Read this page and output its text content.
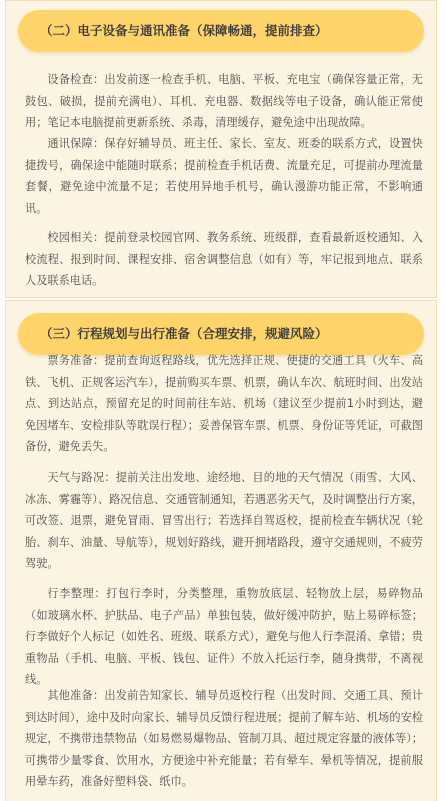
（二）电子设备与通讯准备（保障畅通，提前排查）

设备检查：出发前逐一检查手机、电脑、平板、充电宝（确保容量正常，无鼓包、破损，提前充满电）、耳机、充电器、数据线等电子设备，确认能正常使用；笔记本电脑提前更新系统、杀毒，清理缓存，避免途中出现故障。

通讯保障：保存好辅导员、班主任、家长、室友、班委的联系方式，设置快捷拨号，确保途中能随时联系；提前检查手机话费、流量充足，可提前办理流量套餐，避免途中流量不足；若使用异地手机号，确认漫游功能正常，不影响通讯。

校园相关：提前登录校园官网、教务系统、班级群，查看最新返校通知、入校流程、报到时间、课程安排、宿舍调整信息（如有）等，牢记报到地点、联系人及联系电话。

（三）行程规划与出行准备（合理安排，规避风险）

票务准备：提前查询返程路线，优先选择正规、便捷的交通工具（火车、高铁、飞机、正规客运汽车），提前购买车票、机票，确认车次、航班时间、出发站点、到达站点，预留充足的时间前往车站、机场（建议至少提前1小时到达，避免因堵车、安检排队等耽误行程）；妥善保管车票、机票、身份证等凭证，可截图备份，避免丢失。

天气与路况：提前关注出发地、途经地、目的地的天气情况（雨雪、大风、冰冻、雾霾等）、路况信息、交通管制通知，若遇恶劣天气，及时调整出行方案，可改签、退票，避免冒雨、冒雪出行；若选择自驾返校，提前检查车辆状况（轮胎、刹车、油量、导航等），规划好路线，避开拥堵路段，遵守交通规则，不疲劳驾驶。

行李整理：打包行李时，分类整理，重物放底层、轻物放上层，易碎物品（如玻璃水杯、护肤品、电子产品）单独包装，做好缓冲防护，贴上易碎标签；行李做好个人标记（如姓名、班级、联系方式），避免与他人行李混淆、拿错；贵重物品（手机、电脑、平板、钱包、证件）不放入托运行李，随身携带，不离视线。

其他准备：出发前告知家长、辅导员返校行程（出发时间、交通工具、预计到达时间），途中及时向家长、辅导员反馈行程进展；提前了解车站、机场的安检规定，不携带违禁物品（如易燃易爆物品、管制刀具、超过规定容量的液体等）；可携带少量零食、饮用水，方便途中补充能量；若有晕车、晕机等情况，提前服用晕车药，准备好塑料袋、纸巾。
